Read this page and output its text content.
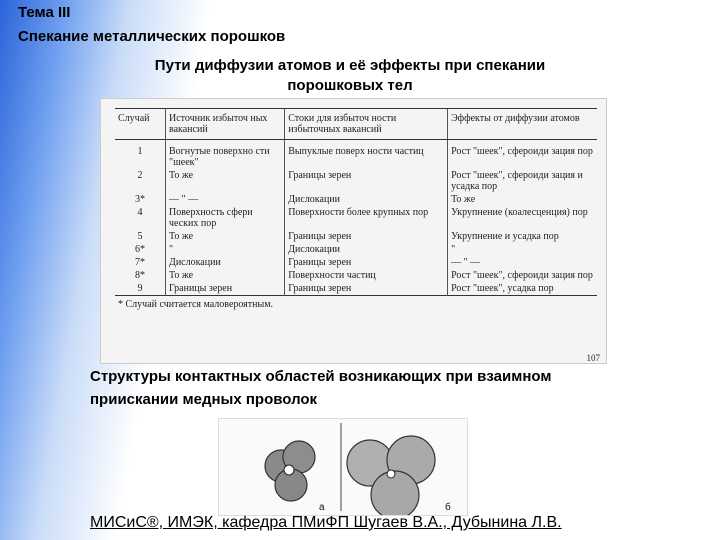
Тема III

Спекание металлических порошков

Пути диффузии атомов и её эффекты при спекании
порошковых тел
Случай	Источник избыточ ных вакансий	Стоки для избыточ ности избыточных вакансий	Эффекты от диффузии атомов
1	Вогнутые поверхно сти "шеек"	Выпуклые поверх ности частиц	Рост "шеек", сфероиди зация пор
2	То же	Границы зерен	Рост "шеек", сфероиди зация и усадка пор
3*	— " —	Дислокации	То же
4	Поверхность сфери ческих пор	Поверхности более крупных пор	Укрупнение (коалесценция) пор
5	То же	Границы зерен	Укрупнение и усадка пор
6*	"	Дислокации	"
7*	Дислокации	Границы зерен	— " —
8*	То же	Поверхности частиц	Рост "шеек", сфероиди зация пор
9	Границы зерен	Границы зерен	Рост "шеек", усадка пор
* Случай считается маловероятным.			
107
Структуры контактных областей возникающих при взаимном
приискании медных проволок
а	б
МИСиС®, ИМЭК, кафедра ПМиФП Шугаев В.А., Дубынина Л.В.
